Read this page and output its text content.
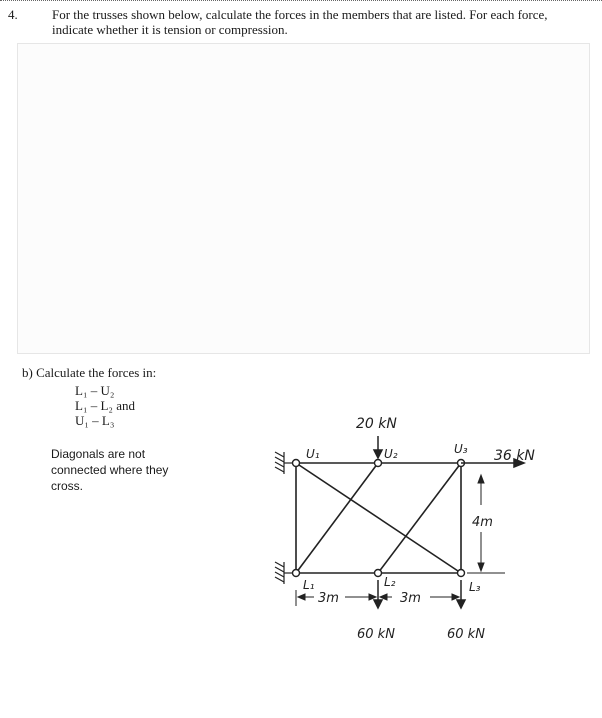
4.	For the trusses shown below, calculate the forces in the members that are listed. For each force, indicate whether it is tension or compression.
b) Calculate the forces in:
L₁ – U₂
L₁ – L₂ and
U₁ – L₃
Diagonals are not connected where they cross.
20 kN
36 kN
60 kN	60 kN
3m	3m
4m
U₁	U₂	U₃
L₁	L₂	L₃
